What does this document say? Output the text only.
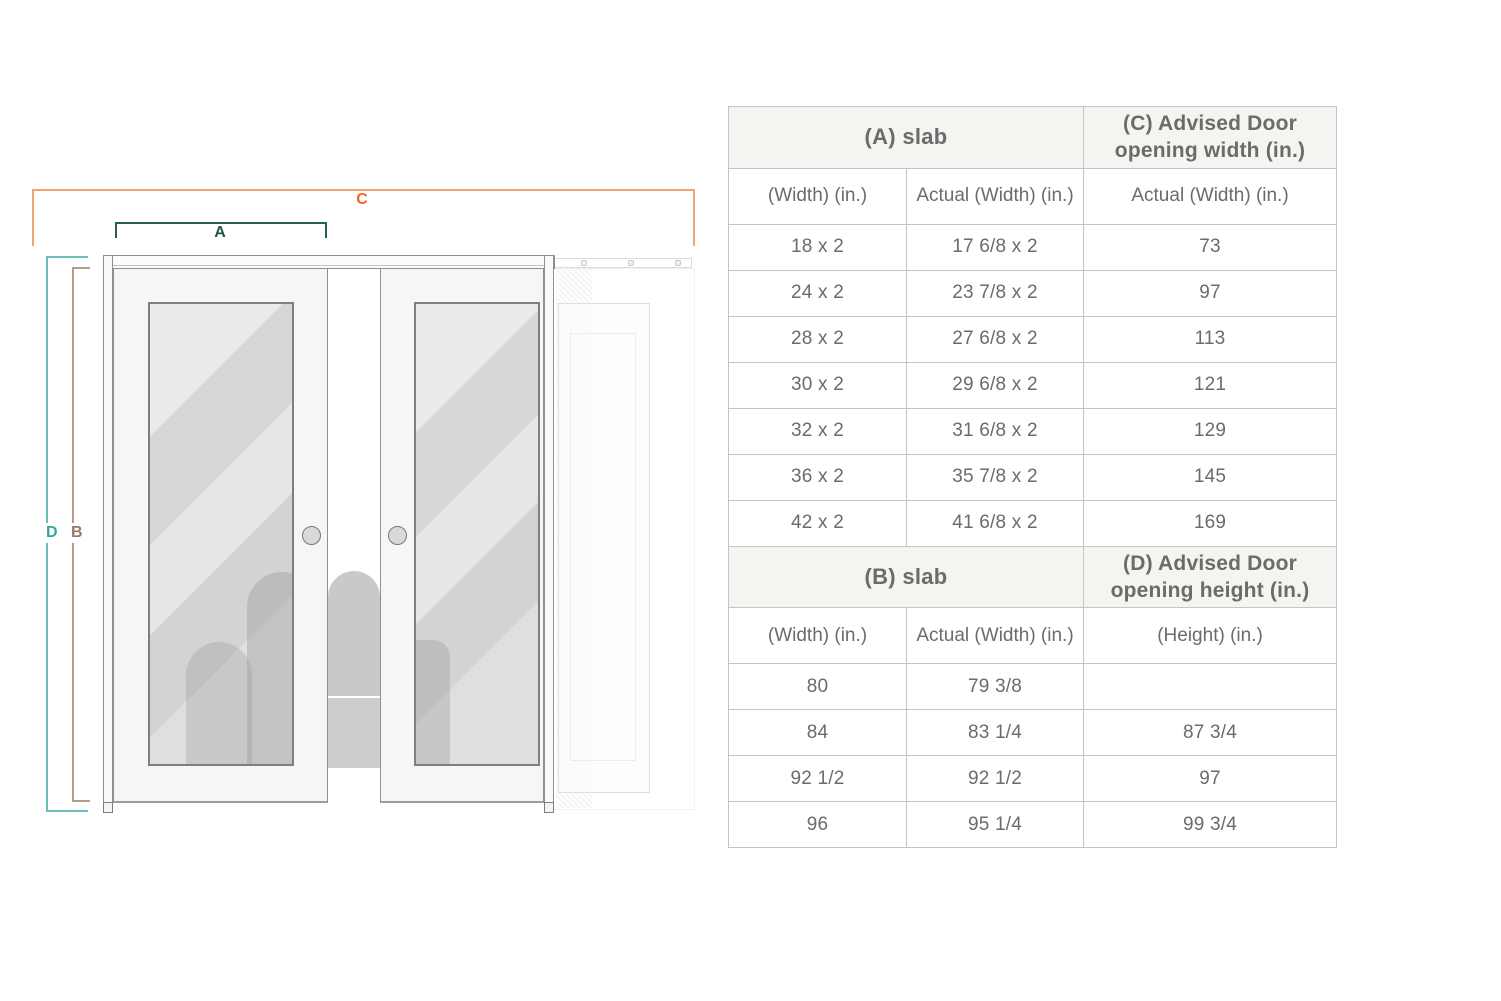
C
A
D B
(A) slab		(C) Advised Door opening width (in.)
(Width) (in.)	Actual (Width) (in.)	Actual (Width) (in.)
18 x 2	17 6/8 x 2	73
24 x 2	23 7/8 x 2	97
28 x 2	27 6/8 x 2	113
30 x 2	29 6/8 x 2	121
32 x 2	31 6/8 x 2	129
36 x 2	35 7/8 x 2	145
42 x 2	41 6/8 x 2	169
(B) slab		(D) Advised Door opening height (in.)
(Width) (in.)	Actual (Width) (in.)	(Height) (in.)
80	79 3/8	
84	83 1/4	87 3/4
92 1/2	92 1/2	97
96	95 1/4	99 3/4
